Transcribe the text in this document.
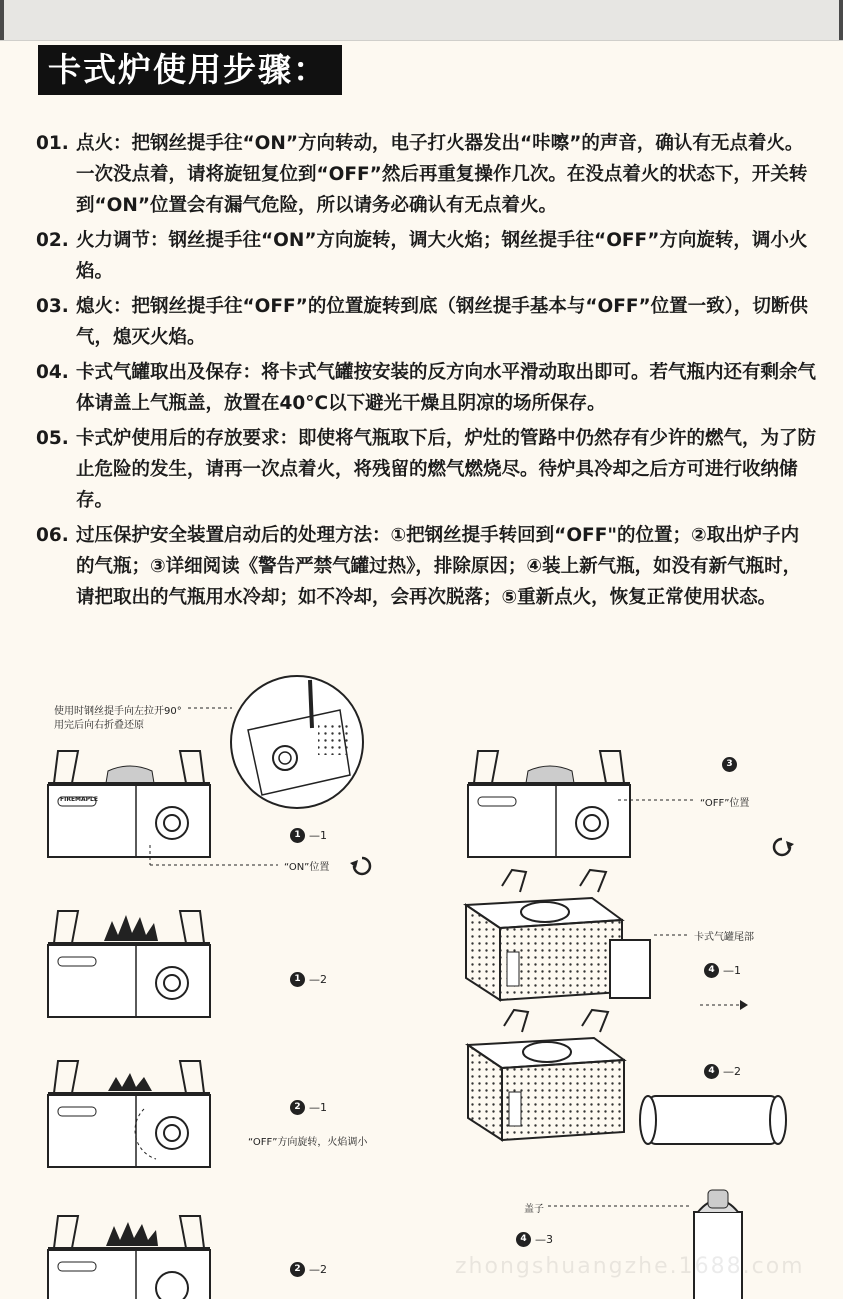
卡式炉使用步骤：
01. 点火：把钢丝提手往“ON”方向转动，电子打火器发出“咔嚓”的声音，确认有无点着火。一次没点着，请将旋钮复位到“OFF”然后再重复操作几次。在没点着火的状态下，开关转到“ON”位置会有漏气危险，所以请务必确认有无点着火。
02. 火力调节：钢丝提手往“ON”方向旋转，调大火焰；钢丝提手往“OFF”方向旋转，调小火焰。
03. 熄火：把钢丝提手往“OFF”的位置旋转到底（钢丝提手基本与“OFF”位置一致），切断供气，熄灭火焰。
04. 卡式气罐取出及保存：将卡式气罐按安装的反方向水平滑动取出即可。若气瓶内还有剩余气体请盖上气瓶盖，放置在40°C以下避光干燥且阴凉的场所保存。
05. 卡式炉使用后的存放要求：即使将气瓶取下后，炉灶的管路中仍然存有少许的燃气，为了防止危险的发生，请再一次点着火，将残留的燃气燃烧尽。待炉具冷却之后方可进行收纳储存。
06. 过压保护安全装置启动后的处理方法：①把钢丝提手转回到“OFF"的位置；②取出炉子内的气瓶；③详细阅读《警告严禁气罐过热》，排除原因；④装上新气瓶，如没有新气瓶时，请把取出的气瓶用水冷却；如不冷却，会再次脱落；⑤重新点火，恢复正常使用状态。
使用时钢丝提手向左拉开90°
用完后向右折叠还原
“ON”位置
“OFF”位置
“OFF”方向旋转，火焰调小
卡式气罐尾部
盖子
FIREMAPLE
1 —1
1 —2
2 —1
2 —2
3
4 —1
4 —2
4 —3
zhongshuangzhe.1688.com
